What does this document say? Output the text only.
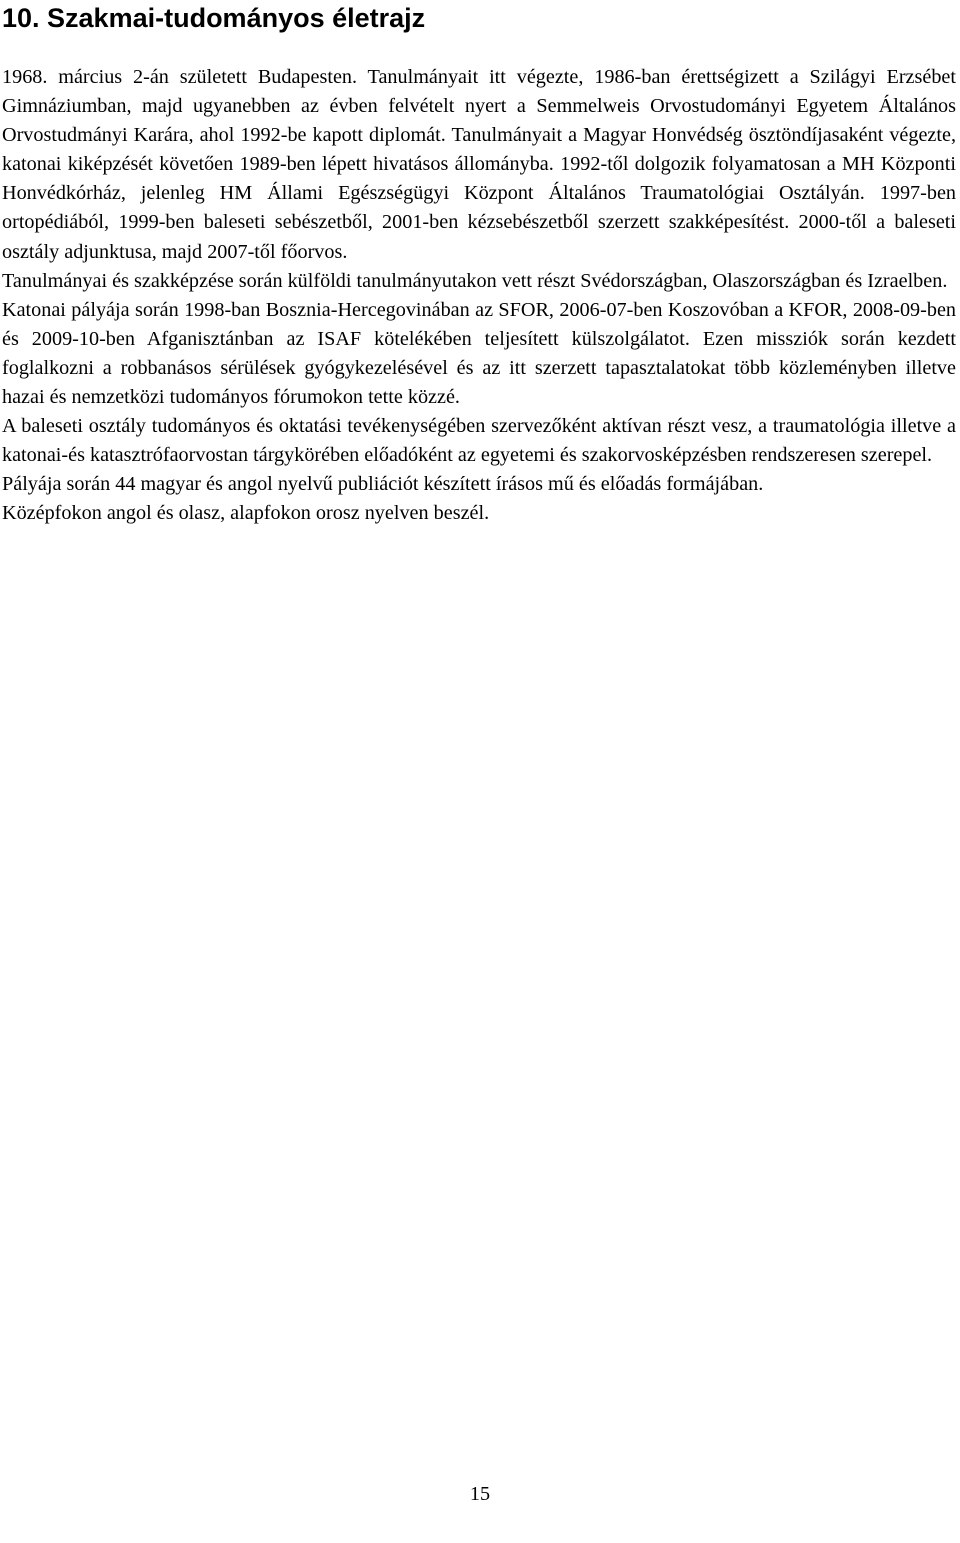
10. Szakmai-tudományos életrajz

1968. március 2-án született Budapesten. Tanulmányait itt végezte, 1986-ban érettségizett a Szilágyi Erzsébet Gimnáziumban, majd ugyanebben az évben felvételt nyert a Semmelweis Orvostudományi Egyetem Általános Orvostudmányi Karára, ahol 1992-be kapott diplomát. Tanulmányait a Magyar Honvédség ösztöndíjasaként végezte, katonai kiképzését követően 1989-ben lépett hivatásos állományba. 1992-től dolgozik folyamatosan a MH Központi Honvédkórház, jelenleg HM Állami Egészségügyi Központ Általános Traumatológiai Osztályán. 1997-ben ortopédiából, 1999-ben baleseti sebészetből, 2001-ben kézsebészetből szerzett szakképesítést. 2000-től a baleseti osztály adjunktusa, majd 2007-től főorvos.

Tanulmányai és szakképzése során külföldi tanulmányutakon vett részt Svédországban, Olaszországban és Izraelben.

Katonai pályája során 1998-ban Bosznia-Hercegovinában az SFOR, 2006-07-ben Koszovóban a KFOR, 2008-09-ben és 2009-10-ben Afganisztánban az ISAF kötelékében teljesített külszolgálatot. Ezen missziók során kezdett foglalkozni a robbanásos sérülések gyógykezelésével és az itt szerzett tapasztalatokat több közleményben illetve hazai és nemzetközi tudományos fórumokon tette közzé.

A baleseti osztály tudományos és oktatási tevékenységében szervezőként aktívan részt vesz, a traumatológia illetve a katonai-és katasztrófaorvostan tárgykörében előadóként az egyetemi és szakorvosképzésben rendszeresen szerepel.

Pályája során 44 magyar és angol nyelvű publiációt készített írásos mű és előadás formájában.

Középfokon angol és olasz, alapfokon orosz nyelven beszél.

15
